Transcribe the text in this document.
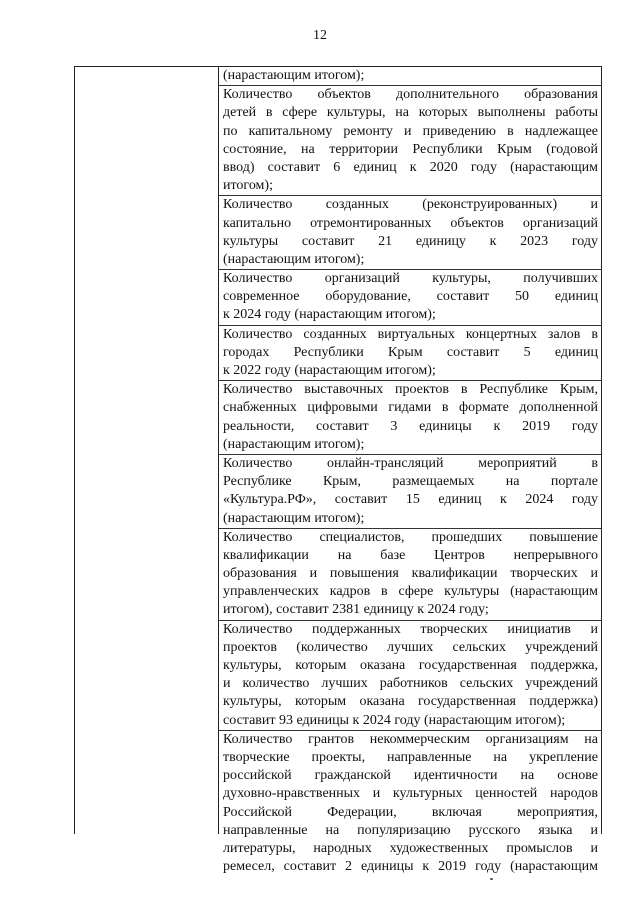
12
(нарастающим итогом);
Количество объектов дополнительного образования
детей в сфере культуры, на которых выполнены работы
по капитальному ремонту и приведению в надлежащее
состояние, на территории Республики Крым (годовой
ввод) составит 6 единиц к 2020 году (нарастающим
итогом);
Количество созданных (реконструированных) и
капитально отремонтированных объектов организаций
культуры составит 21 единицу к 2023 году
(нарастающим итогом);
Количество организаций культуры, получивших
современное оборудование, составит 50 единиц
к 2024 году (нарастающим итогом);
Количество созданных виртуальных концертных залов в
городах Республики Крым составит 5 единиц
к 2022 году (нарастающим итогом);
Количество выставочных проектов в Республике Крым,
снабженных цифровыми гидами в формате дополненной
реальности, составит 3 единицы к 2019 году
(нарастающим итогом);
Количество онлайн-трансляций мероприятий в
Республике Крым, размещаемых на портале
«Культура.РФ», составит 15 единиц к 2024 году
(нарастающим итогом);
Количество специалистов, прошедших повышение
квалификации на базе Центров непрерывного
образования и повышения квалификации творческих и
управленческих кадров в сфере культуры (нарастающим
итогом), составит 2381 единицу к 2024 году;
Количество поддержанных творческих инициатив и
проектов (количество лучших сельских учреждений
культуры, которым оказана государственная поддержка,
и количество лучших работников сельских учреждений
культуры, которым оказана государственная поддержка)
составит 93 единицы к 2024 году (нарастающим итогом);
Количество грантов некоммерческим организациям на
творческие проекты, направленные на укрепление
российской гражданской идентичности на основе
духовно-нравственных и культурных ценностей народов
Российской Федерации, включая мероприятия,
направленные на популяризацию русского языка и
литературы, народных художественных промыслов и
ремесел, составит 2 единицы к 2019 году (нарастающим
